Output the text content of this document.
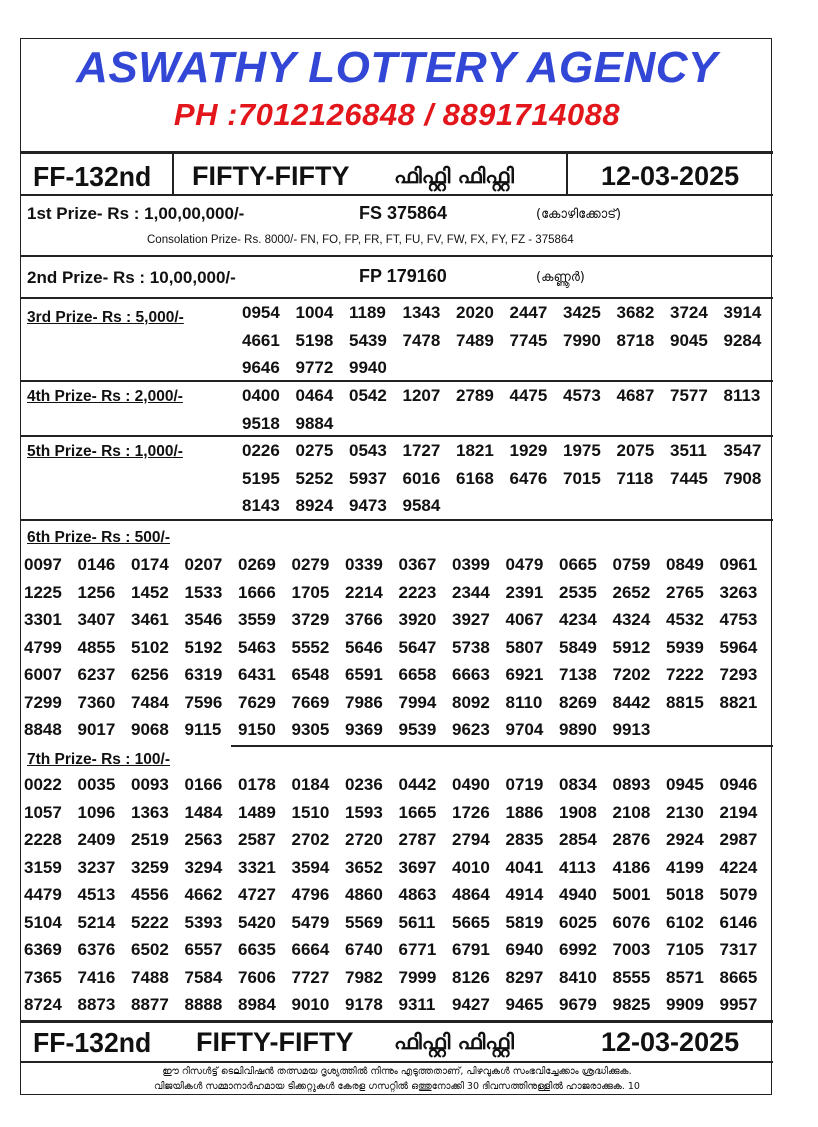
ASWATHY LOTTERY AGENCY
PH :7012126848 / 8891714088
FF-132nd FIFTY-FIFTY ഫിഫ്റ്റി ഫിഫ്റ്റി	12-03-2025
1st Prize- Rs : 1,00,00,000/-	FS 375864	(കോഴിക്കോട്)
Consolation Prize- Rs. 8000/- FN, FO, FP, FR, FT, FU, FV, FW, FX, FY, FZ - 375864
2nd Prize- Rs : 10,00,000/-	FP 179160	(കണ്ണൂർ)
3rd Prize- Rs : 5,000/-	0954 1004 1189 1343 2020 2447 3425 3682 3724 3914
4661 5198 5439 7478 7489 7745 7990 8718 9045 9284
9646 9772 9940
4th Prize- Rs : 2,000/-	0400 0464 0542 1207 2789 4475 4573 4687 7577 8113
9518 9884
5th Prize- Rs : 1,000/-	0226 0275 0543 1727 1821 1929 1975 2075 3511 3547
5195 5252 5937 6016 6168 6476 7015 7118 7445 7908
8143 8924 9473 9584
6th Prize- Rs : 500/-
0097 0146 0174 0207 0269 0279 0339 0367 0399 0479 0665 0759 0849 0961
1225 1256 1452 1533 1666 1705 2214 2223 2344 2391 2535 2652 2765 3263
3301 3407 3461 3546 3559 3729 3766 3920 3927 4067 4234 4324 4532 4753
4799 4855 5102 5192 5463 5552 5646 5647 5738 5807 5849 5912 5939 5964
6007 6237 6256 6319 6431 6548 6591 6658 6663 6921 7138 7202 7222 7293
7299 7360 7484 7596 7629 7669 7986 7994 8092 8110 8269 8442 8815 8821
8848 9017 9068 9115 9150 9305 9369 9539 9623 9704 9890 9913
7th Prize- Rs : 100/-
0022 0035 0093 0166 0178 0184 0236 0442 0490 0719 0834 0893 0945 0946
1057 1096 1363 1484 1489 1510 1593 1665 1726 1886 1908 2108 2130 2194
2228 2409 2519 2563 2587 2702 2720 2787 2794 2835 2854 2876 2924 2987
3159 3237 3259 3294 3321 3594 3652 3697 4010 4041 4113 4186 4199 4224
4479 4513 4556 4662 4727 4796 4860 4863 4864 4914 4940 5001 5018 5079
5104 5214 5222 5393 5420 5479 5569 5611 5665 5819 6025 6076 6102 6146
6369 6376 6502 6557 6635 6664 6740 6771 6791 6940 6992 7003 7105 7317
7365 7416 7488 7584 7606 7727 7982 7999 8126 8297 8410 8555 8571 8665
8724 8873 8877 8888 8984 9010 9178 9311 9427 9465 9679 9825 9909 9957
FF-132nd FIFTY-FIFTY ഫിഫ്റ്റി ഫിഫ്റ്റി	12-03-2025
ഈ റിസൾട്ട് ടെലിവിഷൻ തത്സമയ ദൃശ്യത്തിൽ നിന്നും എടുത്തതാണ്, പിഴവുകൾ സംഭവിച്ചേക്കാം ശ്രദ്ധിക്കുക.
വിജയികൾ സമ്മാനാർഹമായ ടിക്കറ്റുകൾ കേരള ഗസറ്റിൽ ഒത്തുനോക്കി 30 ദിവസത്തിനുള്ളിൽ ഹാജരാക്കുക. 10
